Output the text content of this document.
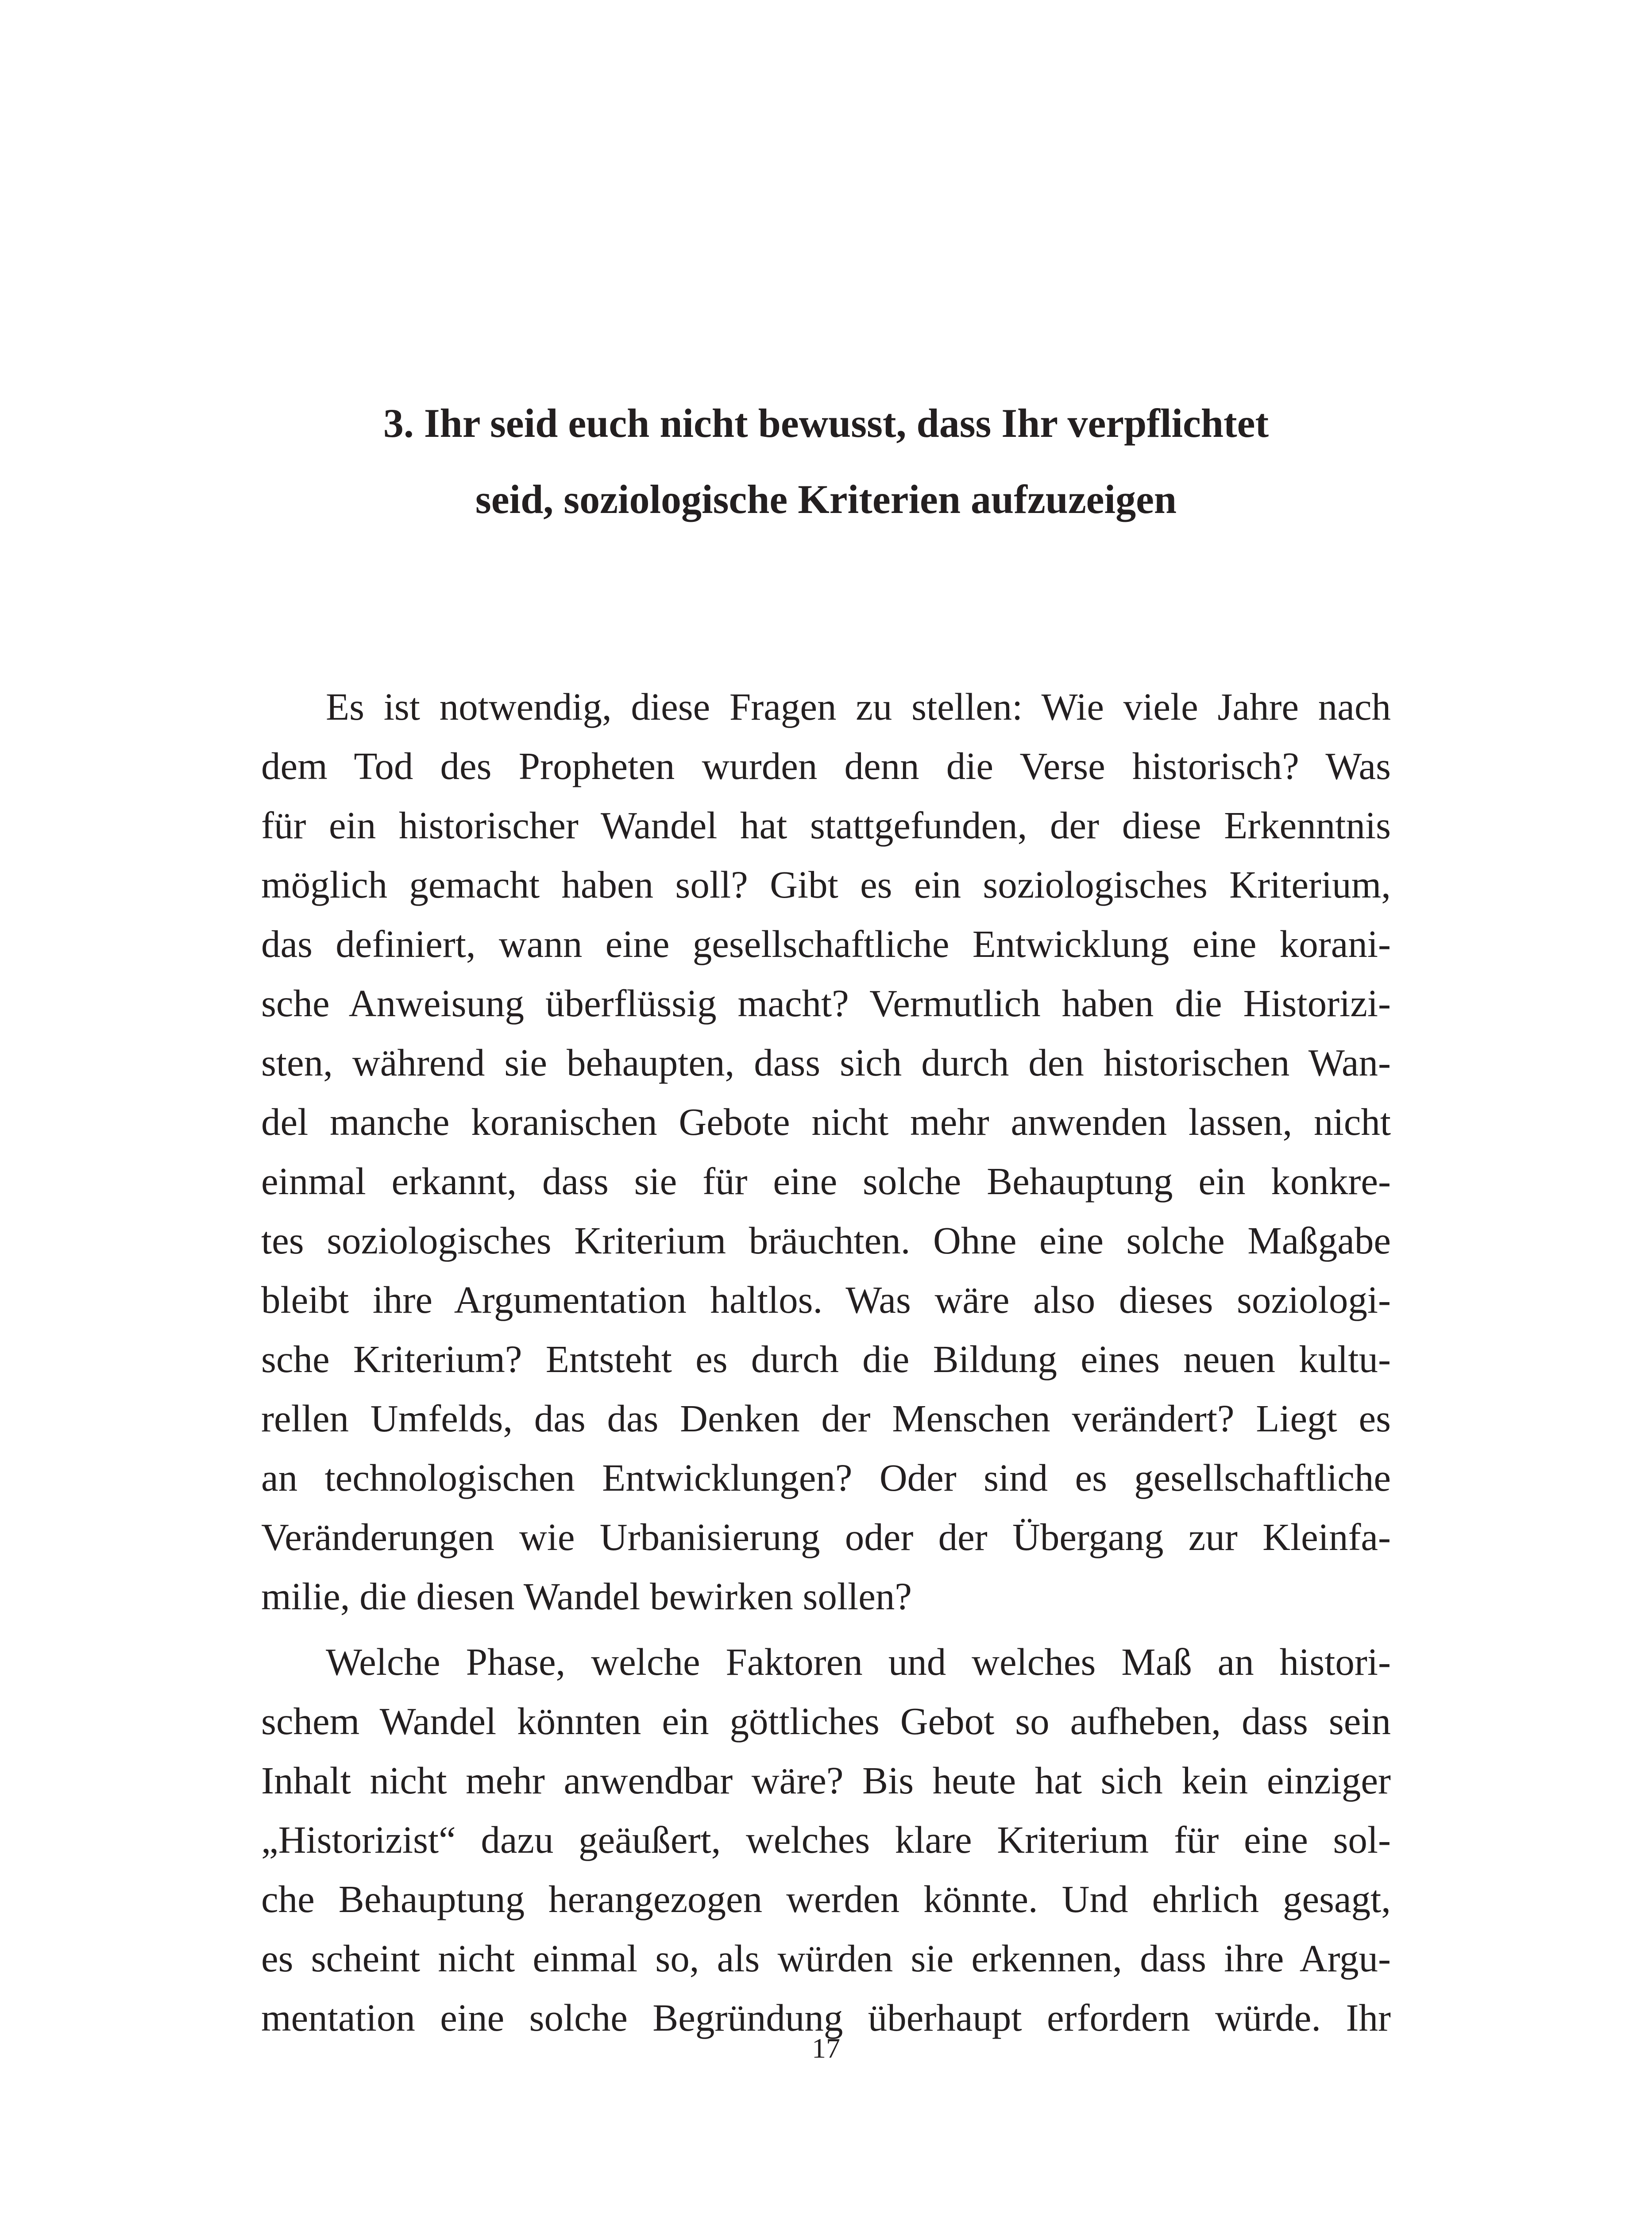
3. Ihr seid euch nicht bewusst, dass Ihr verpflichtet
seid, soziologische Kriterien aufzuzeigen
Es ist notwendig, diese Fragen zu stellen: Wie viele Jahre nach
dem Tod des Propheten wurden denn die Verse historisch? Was
für ein historischer Wandel hat stattgefunden, der diese Erkenntnis
möglich gemacht haben soll? Gibt es ein soziologisches Kriterium,
das definiert, wann eine gesellschaftliche Entwicklung eine korani-
sche Anweisung überflüssig macht? Vermutlich haben die Historizi-
sten, während sie behaupten, dass sich durch den historischen Wan-
del manche koranischen Gebote nicht mehr anwenden lassen, nicht
einmal erkannt, dass sie für eine solche Behauptung ein konkre-
tes soziologisches Kriterium bräuchten. Ohne eine solche Maßgabe
bleibt ihre Argumentation haltlos. Was wäre also dieses soziologi-
sche Kriterium? Entsteht es durch die Bildung eines neuen kultu-
rellen Umfelds, das das Denken der Menschen verändert? Liegt es
an technologischen Entwicklungen? Oder sind es gesellschaftliche
Veränderungen wie Urbanisierung oder der Übergang zur Kleinfa-
milie, die diesen Wandel bewirken sollen?
Welche Phase, welche Faktoren und welches Maß an histori-
schem Wandel könnten ein göttliches Gebot so aufheben, dass sein
Inhalt nicht mehr anwendbar wäre? Bis heute hat sich kein einziger
„Historizist“ dazu geäußert, welches klare Kriterium für eine sol-
che Behauptung herangezogen werden könnte. Und ehrlich gesagt,
es scheint nicht einmal so, als würden sie erkennen, dass ihre Argu-
mentation eine solche Begründung überhaupt erfordern würde. Ihr
17
